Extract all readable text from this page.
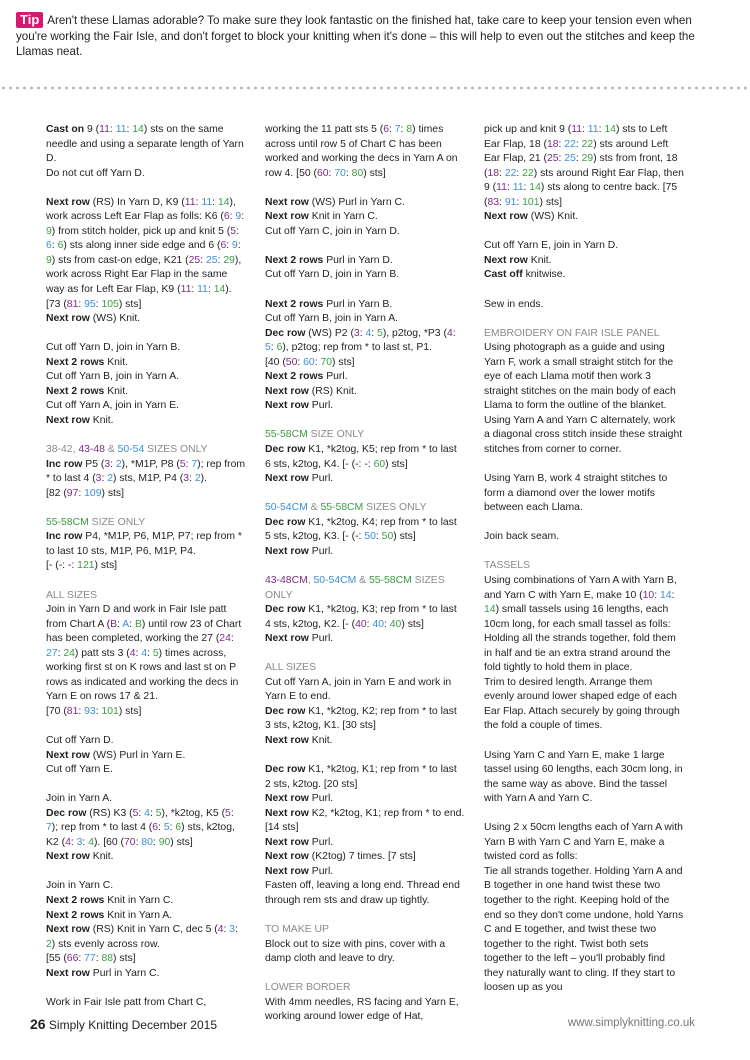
Tip Aren't these Llamas adorable? To make sure they look fantastic on the finished hat, take care to keep your tension even when you're working the Fair Isle, and don't forget to block your knitting when it's done – this will help to even out the stitches and keep the Llamas neat.

Cast on 9 (11: 11: 14) sts on the same needle and using a separate length of Yarn D.
Do not cut off Yarn D.

Next row (RS) In Yarn D, K9 (11: 11: 14), work across Left Ear Flap as folls: K6 (6: 9: 9) from stitch holder, pick up and knit 5 (5: 6: 6) sts along inner side edge and 6 (6: 9: 9) sts from cast-on edge, K21 (25: 25: 29), work across Right Ear Flap in the same way as for Left Ear Flap, K9 (11: 11: 14).
[73 (81: 95: 105) sts]
Next row (WS) Knit.

Cut off Yarn D, join in Yarn B.
Next 2 rows Knit.
Cut off Yarn B, join in Yarn A.
Next 2 rows Knit.
Cut off Yarn A, join in Yarn E.
Next row Knit.

38-42, 43-48 & 50-54 SIZES ONLY
Inc row P5 (3: 2), *M1P, P8 (5: 7); rep from * to last 4 (3: 2) sts, M1P, P4 (3: 2).
[82 (97: 109) sts]

55-58CM SIZE ONLY
Inc row P4, *M1P, P6, M1P, P7; rep from * to last 10 sts, M1P, P6, M1P, P4.
[- (-: -: 121) sts]

ALL SIZES
Join in Yarn D and work in Fair Isle patt from Chart A (B: A: B) until row 23 of Chart has been completed, working the 27 (24: 27: 24) patt sts 3 (4: 4: 5) times across, working first st on K rows and last st on P rows as indicated and working the decs in Yarn E on rows 17 & 21.
[70 (81: 93: 101) sts]

Cut off Yarn D.
Next row (WS) Purl in Yarn E.
Cut off Yarn E.

Join in Yarn A.
Dec row (RS) K3 (5: 4: 5), *k2tog, K5 (5: 7); rep from * to last 4 (6: 5: 6) sts, k2tog, K2 (4: 3: 4). [60 (70: 80: 90) sts]
Next row Knit.

Join in Yarn C.
Next 2 rows Knit in Yarn C.
Next 2 rows Knit in Yarn A.
Next row (RS) Knit in Yarn C, dec 5 (4: 3: 2) sts evenly across row.
[55 (66: 77: 88) sts]
Next row Purl in Yarn C.

Work in Fair Isle patt from Chart C,

working the 11 patt sts 5 (6: 7: 8) times across until row 5 of Chart C has been worked and working the decs in Yarn A on row 4. [50 (60: 70: 80) sts]

Next row (WS) Purl in Yarn C.
Next row Knit in Yarn C.
Cut off Yarn C, join in Yarn D.

Next 2 rows Purl in Yarn D.
Cut off Yarn D, join in Yarn B.

Next 2 rows Purl in Yarn B.
Cut off Yarn B, join in Yarn A.
Dec row (WS) P2 (3: 4: 5), p2tog, *P3 (4: 5: 6), p2tog; rep from * to last st, P1.
[40 (50: 60: 70) sts]
Next 2 rows Purl.
Next row (RS) Knit.
Next row Purl.

55-58CM SIZE ONLY
Dec row K1, *k2tog, K5; rep from * to last 6 sts, k2tog, K4. [- (-: -: 60) sts]
Next row Purl.

50-54CM & 55-58CM SIZES ONLY
Dec row K1, *k2tog, K4; rep from * to last 5 sts, k2tog, K3. [- (-: 50: 50) sts]
Next row Purl.

43-48CM, 50-54CM & 55-58CM SIZES ONLY
Dec row K1, *k2tog, K3; rep from * to last 4 sts, k2tog, K2. [- (40: 40: 40) sts]
Next row Purl.

ALL SIZES
Cut off Yarn A, join in Yarn E and work in Yarn E to end.
Dec row K1, *k2tog, K2; rep from * to last 3 sts, k2tog, K1. [30 sts]
Next row Knit.

Dec row K1, *k2tog, K1; rep from * to last 2 sts, k2tog. [20 sts]
Next row Purl.
Next row K2, *k2tog, K1; rep from * to end. [14 sts]
Next row Purl.
Next row (K2tog) 7 times. [7 sts]
Next row Purl.
Fasten off, leaving a long end. Thread end through rem sts and draw up tightly.

TO MAKE UP
Block out to size with pins, cover with a damp cloth and leave to dry.

LOWER BORDER
With 4mm needles, RS facing and Yarn E, working around lower edge of Hat,

pick up and knit 9 (11: 11: 14) sts to Left Ear Flap, 18 (18: 22: 22) sts around Left Ear Flap, 21 (25: 25: 29) sts from front, 18 (18: 22: 22) sts around Right Ear Flap, then 9 (11: 11: 14) sts along to centre back. [75 (83: 91: 101) sts]
Next row (WS) Knit.

Cut off Yarn E, join in Yarn D.
Next row Knit.
Cast off knitwise.

Sew in ends.

EMBROIDERY ON FAIR ISLE PANEL
Using photograph as a guide and using Yarn F, work a small straight stitch for the eye of each Llama motif then work 3 straight stitches on the main body of each Llama to form the outline of the blanket. Using Yarn A and Yarn C alternately, work a diagonal cross stitch inside these straight stitches from corner to corner.

Using Yarn B, work 4 straight stitches to form a diamond over the lower motifs between each Llama.

Join back seam.

TASSELS
Using combinations of Yarn A with Yarn B, and Yarn C with Yarn E, make 10 (10: 14: 14) small tassels using 16 lengths, each 10cm long, for each small tassel as folls:
Holding all the strands together, fold them in half and tie an extra strand around the fold tightly to hold them in place.
Trim to desired length. Arrange them evenly around lower shaped edge of each Ear Flap. Attach securely by going through the fold a couple of times.

Using Yarn C and Yarn E, make 1 large tassel using 60 lengths, each 30cm long, in the same way as above. Bind the tassel with Yarn A and Yarn C.

Using 2 x 50cm lengths each of Yarn A with Yarn B with Yarn C and Yarn E, make a twisted cord as folls:
Tie all strands together. Holding Yarn A and B together in one hand twist these two together to the right. Keeping hold of the end so they don't come undone, hold Yarns C and E together, and twist these two together to the right. Twist both sets together to the left – you'll probably find they naturally want to cling. If they start to loosen up as you

26 Simply Knitting December 2015	www.simplyknitting.co.uk
